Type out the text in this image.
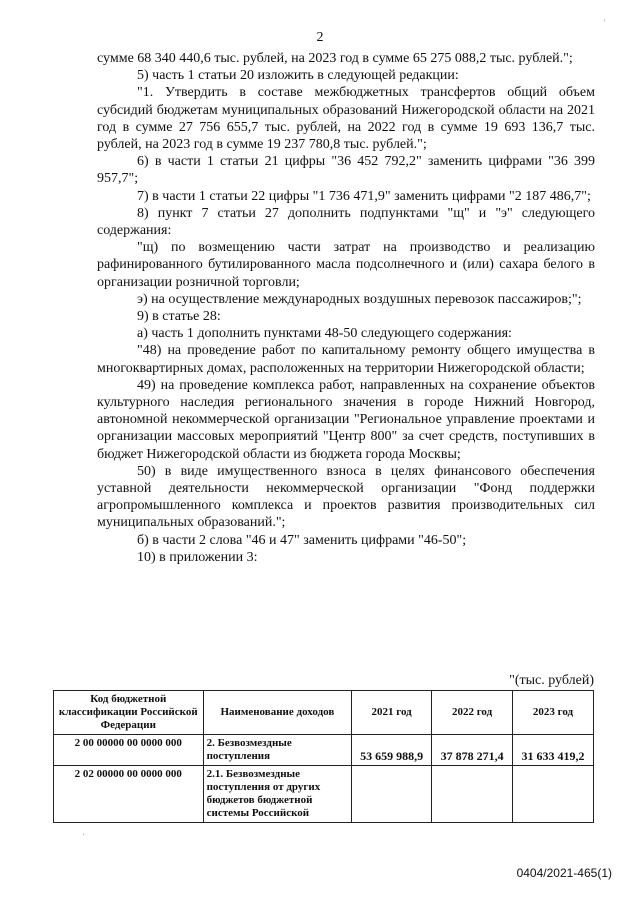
2

сумме 68 340 440,6 тыс. рублей, на 2023 год в сумме 65 275 088,2 тыс. рублей.";

5) часть 1 статьи 20 изложить в следующей редакции:

"1. Утвердить в составе межбюджетных трансфертов общий объем субсидий бюджетам муниципальных образований Нижегородской области на 2021 год в сумме 27 756 655,7 тыс. рублей, на 2022 год в сумме 19 693 136,7 тыс. рублей, на 2023 год в сумме 19 237 780,8 тыс. рублей.";

6) в части 1 статьи 21 цифры "36 452 792,2" заменить цифрами "36 399 957,7";

7) в части 1 статьи 22 цифры "1 736 471,9" заменить цифрами "2 187 486,7";

8) пункт 7 статьи 27 дополнить подпунктами "щ" и "э" следующего содержания:

"щ) по возмещению части затрат на производство и реализацию рафинированного бутилированного масла подсолнечного и (или) сахара белого в организации розничной торговли;

э) на осуществление международных воздушных перевозок пассажиров;";

9) в статье 28:

а) часть 1 дополнить пунктами 48-50 следующего содержания:

"48) на проведение работ по капитальному ремонту общего имущества в многоквартирных домах, расположенных на территории Нижегородской области;

49) на проведение комплекса работ, направленных на сохранение объектов культурного наследия регионального значения в городе Нижний Новгород, автономной некоммерческой организации "Региональное управление проектами и организации массовых мероприятий "Центр 800" за счет средств, поступивших в бюджет Нижегородской области из бюджета города Москвы;

50) в виде имущественного взноса в целях финансового обеспечения уставной деятельности некоммерческой организации "Фонд поддержки агропромышленного комплекса и проектов развития производительных сил муниципальных образований.";

б) в части 2 слова "46 и 47" заменить цифрами "46-50";

10) в приложении 3:

"(тыс. рублей)
Код бюджетной классификации Российской Федерации	Наименование доходов	2021 год	2022 год	2023 год
2 00 00000 00 0000 000	2. Безвозмездные поступления	53 659 988,9	37 878 271,4	31 633 419,2
2 02 00000 00 0000 000	2.1. Безвозмездные поступления от других бюджетов бюджетной системы Российской			
0404/2021-465(1)
'
'
